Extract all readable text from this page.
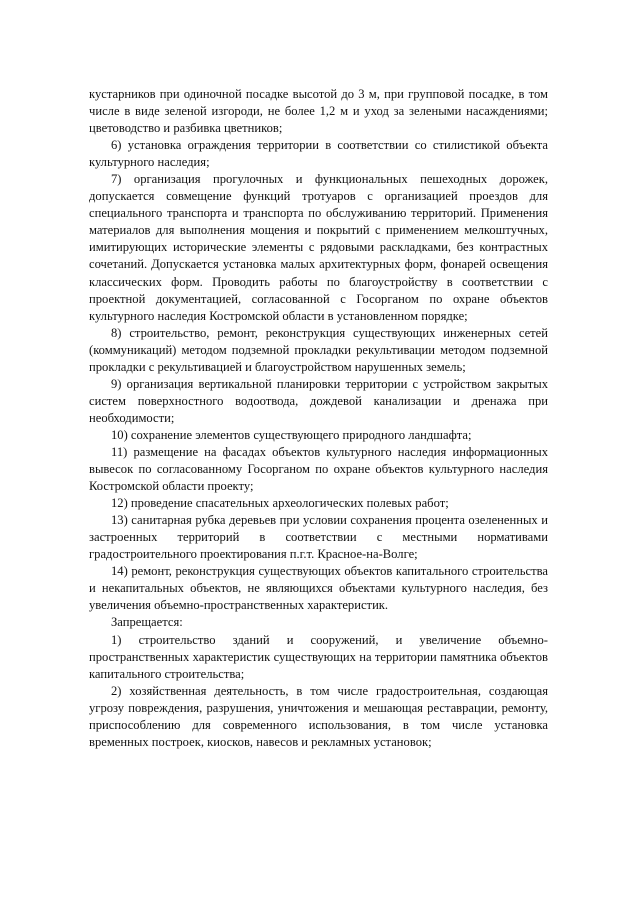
кустарников при одиночной посадке высотой до 3 м, при групповой посадке, в том числе в виде зеленой изгороди, не более 1,2 м и уход за зелеными насаждениями; цветоводство и разбивка цветников;

6) установка ограждения территории в соответствии со стилистикой объекта культурного наследия;

7) организация прогулочных и функциональных пешеходных дорожек, допускается совмещение функций тротуаров с организацией проездов для специального транспорта и транспорта по обслуживанию территорий. Применения материалов для выполнения мощения и покрытий с применением мелкоштучных, имитирующих исторические элементы с рядовыми раскладками, без контрастных сочетаний. Допускается установка малых архитектурных форм, фонарей освещения классических форм. Проводить работы по благоустройству в соответствии с проектной документацией, согласованной с Госорганом по охране объектов культурного наследия Костромской области в установленном порядке;

8) строительство, ремонт, реконструкция существующих инженерных сетей (коммуникаций) методом подземной прокладки рекультивации методом подземной прокладки с рекультивацией и благоустройством нарушенных земель;

9) организация вертикальной планировки территории с устройством закрытых систем поверхностного водоотвода, дождевой канализации и дренажа при необходимости;

10) сохранение элементов существующего природного ландшафта;

11) размещение на фасадах объектов культурного наследия информационных вывесок по согласованному Госорганом по охране объектов культурного наследия Костромской области проекту;

12) проведение спасательных археологических полевых работ;

13) санитарная рубка деревьев при условии сохранения процента озелененных и застроенных территорий в соответствии с местными нормативами градостроительного проектирования п.г.т. Красное-на-Волге;

14) ремонт, реконструкция существующих объектов капитального строительства и некапитальных объектов, не являющихся объектами культурного наследия, без увеличения объемно-пространственных характеристик.

Запрещается:

1) строительство зданий и сооружений, и увеличение объемно-пространственных характеристик существующих на территории памятника объектов капитального строительства;

2) хозяйственная деятельность, в том числе градостроительная, создающая угрозу повреждения, разрушения, уничтожения и мешающая реставрации, ремонту, приспособлению для современного использования, в том числе установка временных построек, киосков, навесов и рекламных установок;
